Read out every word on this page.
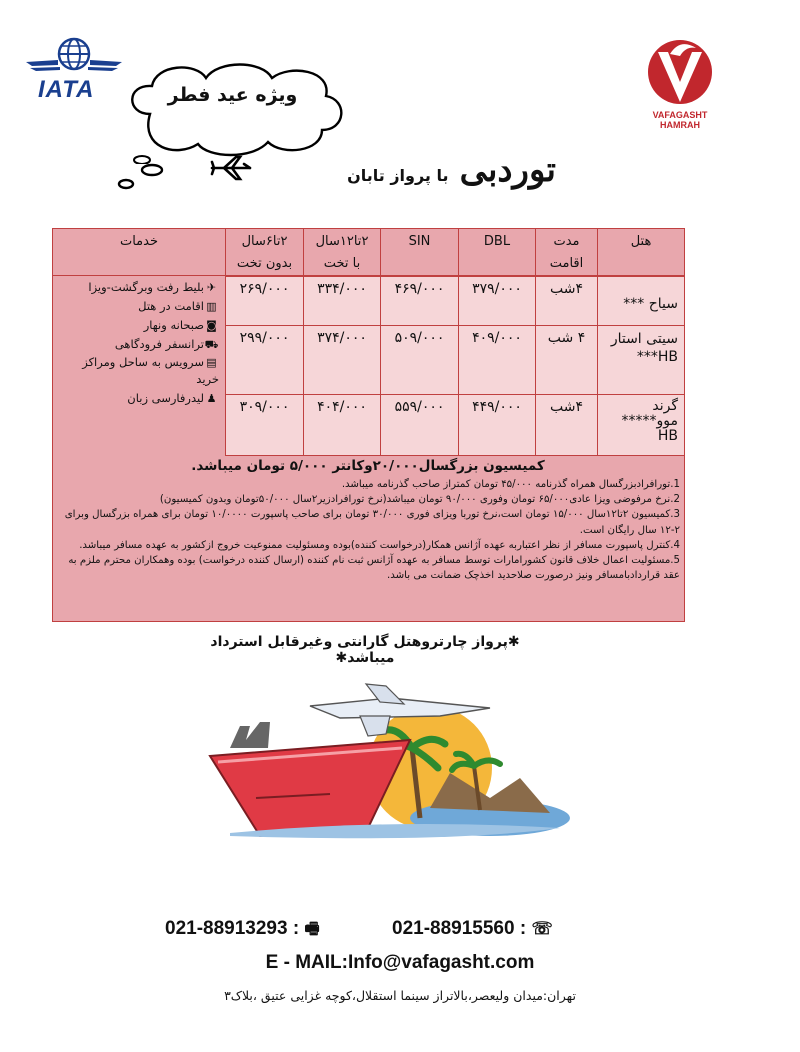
IATA
VAFAGASHT
HAMRAH
ویژه عید فطر
توردبی با پرواز تابان
هتل
مدت
اقامت
DBL
SIN
۲تا۱۲سال
با تخت
۲تا۶سال
بدون تخت
خدمات
سیاح ***
۴شب
۳۷۹/۰۰۰
۴۶۹/۰۰۰
۳۳۴/۰۰۰
۲۶۹/۰۰۰
سیتی استار
HB***
۴ شب
۴۰۹/۰۰۰
۵۰۹/۰۰۰
۳۷۴/۰۰۰
۲۹۹/۰۰۰
گرند
موو*****
HB
۴شب
۴۴۹/۰۰۰
۵۵۹/۰۰۰
۴۰۴/۰۰۰
۳۰۹/۰۰۰
✈بلیط رفت وبرگشت-ویزا
▥اقامت در هتل
◙صبحانه ونهار
⛟ترانسفر فرودگاهی
▤سرویس به ساحل ومراکز
خرید
♟لیدرفارسی زبان
کمیسیون بزرگسال۲۰/۰۰۰وکانتر ۵/۰۰۰ تومان میباشد.

1.تورافرادبزرگسال همراه گذرنامه ۴۵/۰۰۰ تومان کمتراز صاحب گذرنامه میباشد.

2.نرخ مرفوضی ویزا عادی۶۵/۰۰۰ تومان وفوری ۹۰/۰۰۰ تومان میباشد(نرخ تورافرادزیر۲سال ۵۰/۰۰۰تومان وبدون کمیسیون)

3.کمیسیون ۲تا۱۲سال ۱۵/۰۰۰ تومان است،نرخ توربا ویزای فوری ۳۰/۰۰۰ تومان برای صاحب پاسپورت ۱۰/۰۰۰۰ تومان برای همراه بزرگسال وبرای ۲-۱۲ سال رایگان است.

4.کنترل پاسپورت مسافر از نظر اعتباربه عهده آژانس همکار(درخواست کننده)بوده ومسئولیت ممنوعیت خروج ازکشور به عهده مسافر میباشد.

5.مسئولیت اعمال خلاف قانون کشورامارات توسط مسافر به عهده آژانس ثبت نام کننده (ارسال کننده درخواست) بوده وهمکاران محترم ملزم به عقد قراردادبامسافر ونیز درصورت صلاحدید اخذچک ضمانت می باشد.

✱پرواز چارتروهتل گارانتی وغیرقابل استرداد میباشد✱
021-88913293 : 🖷	021-88915560 : ☏
E - MAIL:Info@vafagasht.com
تهران:میدان ولیعصر،بالاتراز سینما استقلال،کوچه غزایی عتیق ،بلاک۳
